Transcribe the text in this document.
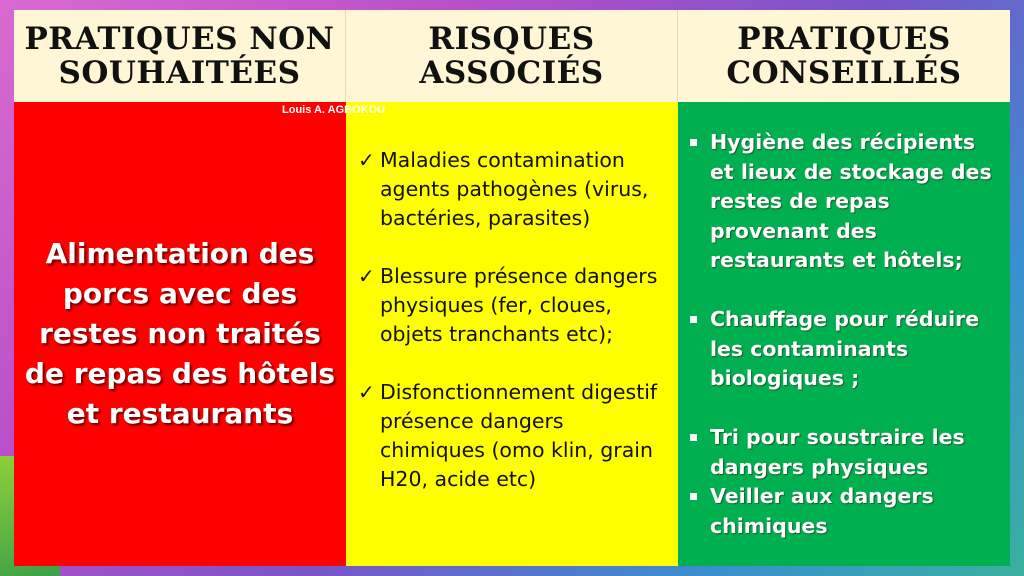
PRATIQUES NON SOUHAITÉES
RISQUES ASSOCIÉS
PRATIQUES CONSEILLÉS
Alimentation des porcs avec des restes non traités de repas des hôtels et restaurants
✓ Maladies contamination agents pathogènes (virus, bactéries, parasites)
✓ Blessure présence dangers physiques (fer, cloues, objets tranchants etc);
✓ Disfonctionnement digestif présence dangers chimiques (omo klin, grain H20, acide etc)
Hygiène des récipients et lieux de stockage des restes de repas provenant des restaurants et hôtels;
Chauffage pour réduire les contaminants biologiques ;
Tri pour soustraire les dangers physiques
Veiller aux dangers chimiques
Louis A. AGBOKOU
